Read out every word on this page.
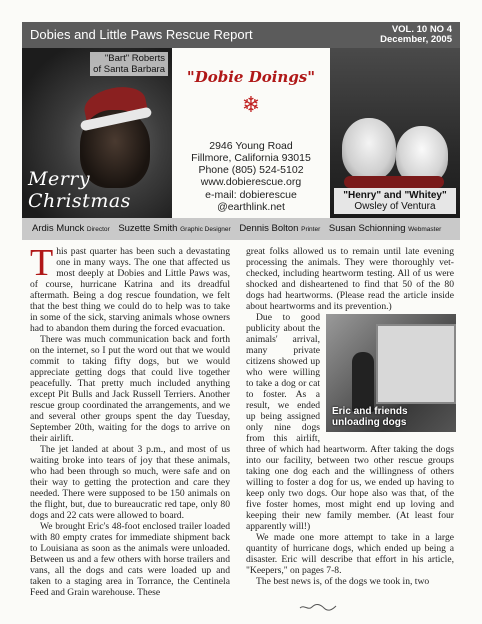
Dobies and Little Paws Rescue Report	VOL. 10 NO 4
December, 2005
"Bart" Roberts
of Santa Barbara
Merry Christmas
"Dobie Doings"
❄
2946 Young Road
Fillmore, California 93015
Phone (805) 524-5102
www.dobierescue.org
e-mail: dobierescue
@earthlink.net
"Henry" and "Whitey"
Owsley of Ventura
Ardis Munck Director Suzette Smith Graphic Designer Dennis Bolton Printer Susan Schionning Webmaster
T his past quarter has been such a devastating one in many ways. The one that affected us most deeply at Dobies and Little Paws was, of course, hurricane Katrina and its dreadful aftermath. Being a dog rescue foundation, we felt that the best thing we could do to help was to take in some of the sick, starving animals whose owners had to abandon them during the forced evacuation.

There was much communication back and forth on the internet, so I put the word out that we would commit to taking fifty dogs, but we would appreciate getting dogs that could live together peacefully. That pretty much included anything except Pit Bulls and Jack Russell Terriers. Another rescue group coordinated the arrangements, and we and several other groups spent the day Tuesday, September 20th, waiting for the dogs to arrive on their airlift.

The jet landed at about 3 p.m., and most of us waiting broke into tears of joy that these animals, who had been through so much, were safe and on their way to getting the protection and care they needed. There were supposed to be 150 animals on the flight, but, due to bureaucratic red tape, only 80 dogs and 22 cats were allowed to board.

We brought Eric's 48-foot enclosed trailer loaded with 80 empty crates for immediate shipment back to Louisiana as soon as the animals were unloaded. Between us and a few others with horse trailers and vans, all the dogs and cats were loaded up and taken to a staging area in Torrance, the Centinela Feed and Grain warehouse. These

great folks allowed us to remain until late evening processing the animals. They were thoroughly vet-checked, including heartworm testing. All of us were shocked and disheartened to find that 50 of the 80 dogs had heartworms. (Please read the article inside about heartworms and its prevention.)

Eric and friends
unloading dogs

Due to good publicity about the animals' arrival, many private citizens showed up who were willing to take a dog or cat to foster. As a result, we ended up being assigned only nine dogs from this airlift, three of which had heartworm. After taking the dogs into our facility, between two other rescue groups taking one dog each and the willingness of others willing to foster a dog for us, we ended up having to keep only two dogs. Our hope also was that, of the five foster homes, most might end up loving and keeping their new family member. (At least four apparently will!)

We made one more attempt to take in a large quantity of hurricane dogs, which ended up being a disaster. Eric will describe that effort in his article, "Keepers," on pages 7-8.

The best news is, of the dogs we took in, two
